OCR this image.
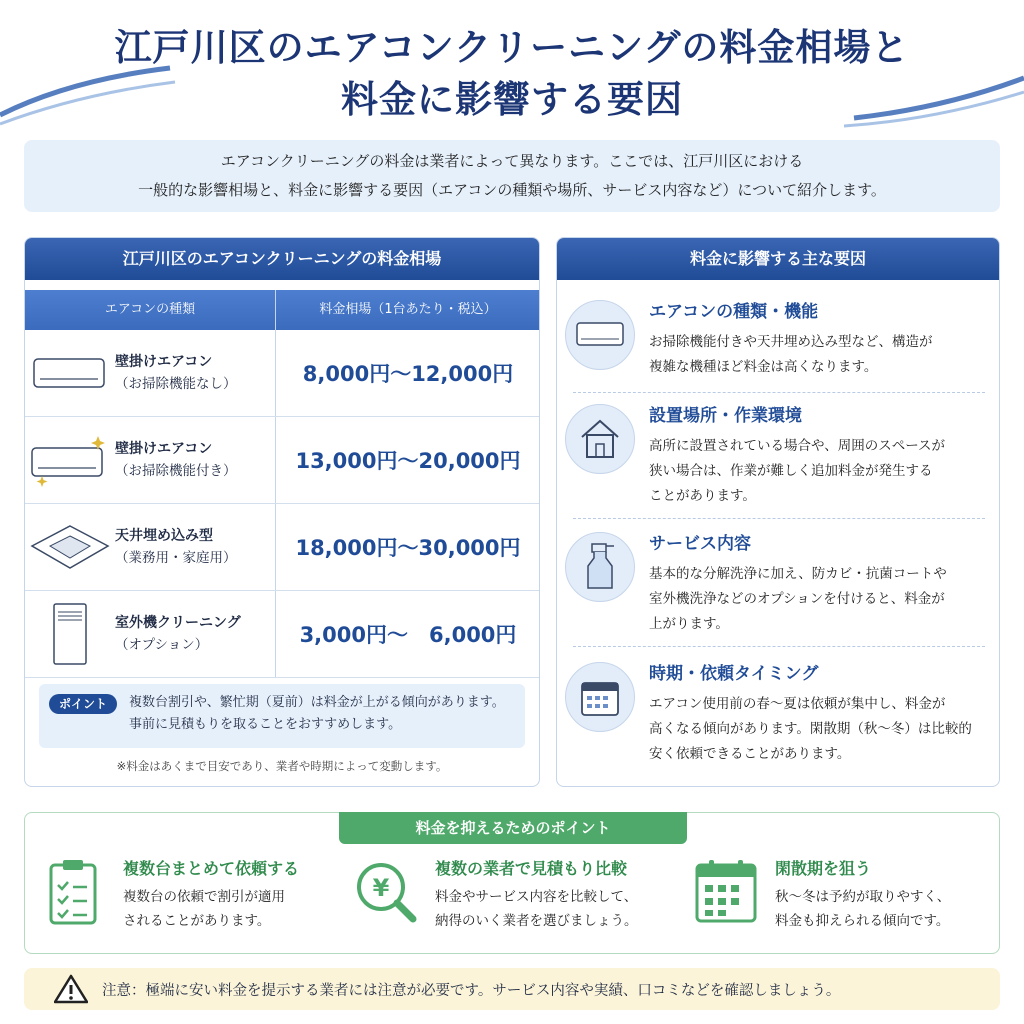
江戸川区のエアコンクリーニングの料金相場と
料金に影響する要因
エアコンクリーニングの料金は業者によって異なります。ここでは、江戸川区における
一般的な影響相場と、料金に影響する要因（エアコンの種類や場所、サービス内容など）について紹介します。
江戸川区のエアコンクリーニングの料金相場
エアコンの種類	料金相場（1台あたり・税込）
壁掛けエアコン
（お掃除機能なし）	8,000円～12,000円
壁掛けエアコン
（お掃除機能付き）	13,000円～20,000円
天井埋め込み型
（業務用・家庭用）	18,000円～30,000円
室外機クリーニング
（オプション）	3,000円～　6,000円
ポイント	複数台割引や、繁忙期（夏前）は料金が上がる傾向があります。
事前に見積もりを取ることをおすすめします。
※料金はあくまで目安であり、業者や時期によって変動します。
料金に影響する主な要因
エアコンの種類・機能
お掃除機能付きや天井埋め込み型など、構造が
複雑な機種ほど料金は高くなります。
設置場所・作業環境
高所に設置されている場合や、周囲のスペースが
狭い場合は、作業が難しく追加料金が発生する
ことがあります。
サービス内容
基本的な分解洗浄に加え、防カビ・抗菌コートや
室外機洗浄などのオプションを付けると、料金が
上がります。
時期・依頼タイミング
エアコン使用前の春～夏は依頼が集中し、料金が
高くなる傾向があります。閑散期（秋～冬）は比較的
安く依頼できることがあります。
料金を抑えるためのポイント
複数台まとめて依頼する
複数台の依頼で割引が適用
されることがあります。
¥
複数の業者で見積もり比較
料金やサービス内容を比較して、
納得のいく業者を選びましょう。
閑散期を狙う
秋～冬は予約が取りやすく、
料金も抑えられる傾向です。
注意：極端に安い料金を提示する業者には注意が必要です。サービス内容や実績、口コミなどを確認しましょう。
